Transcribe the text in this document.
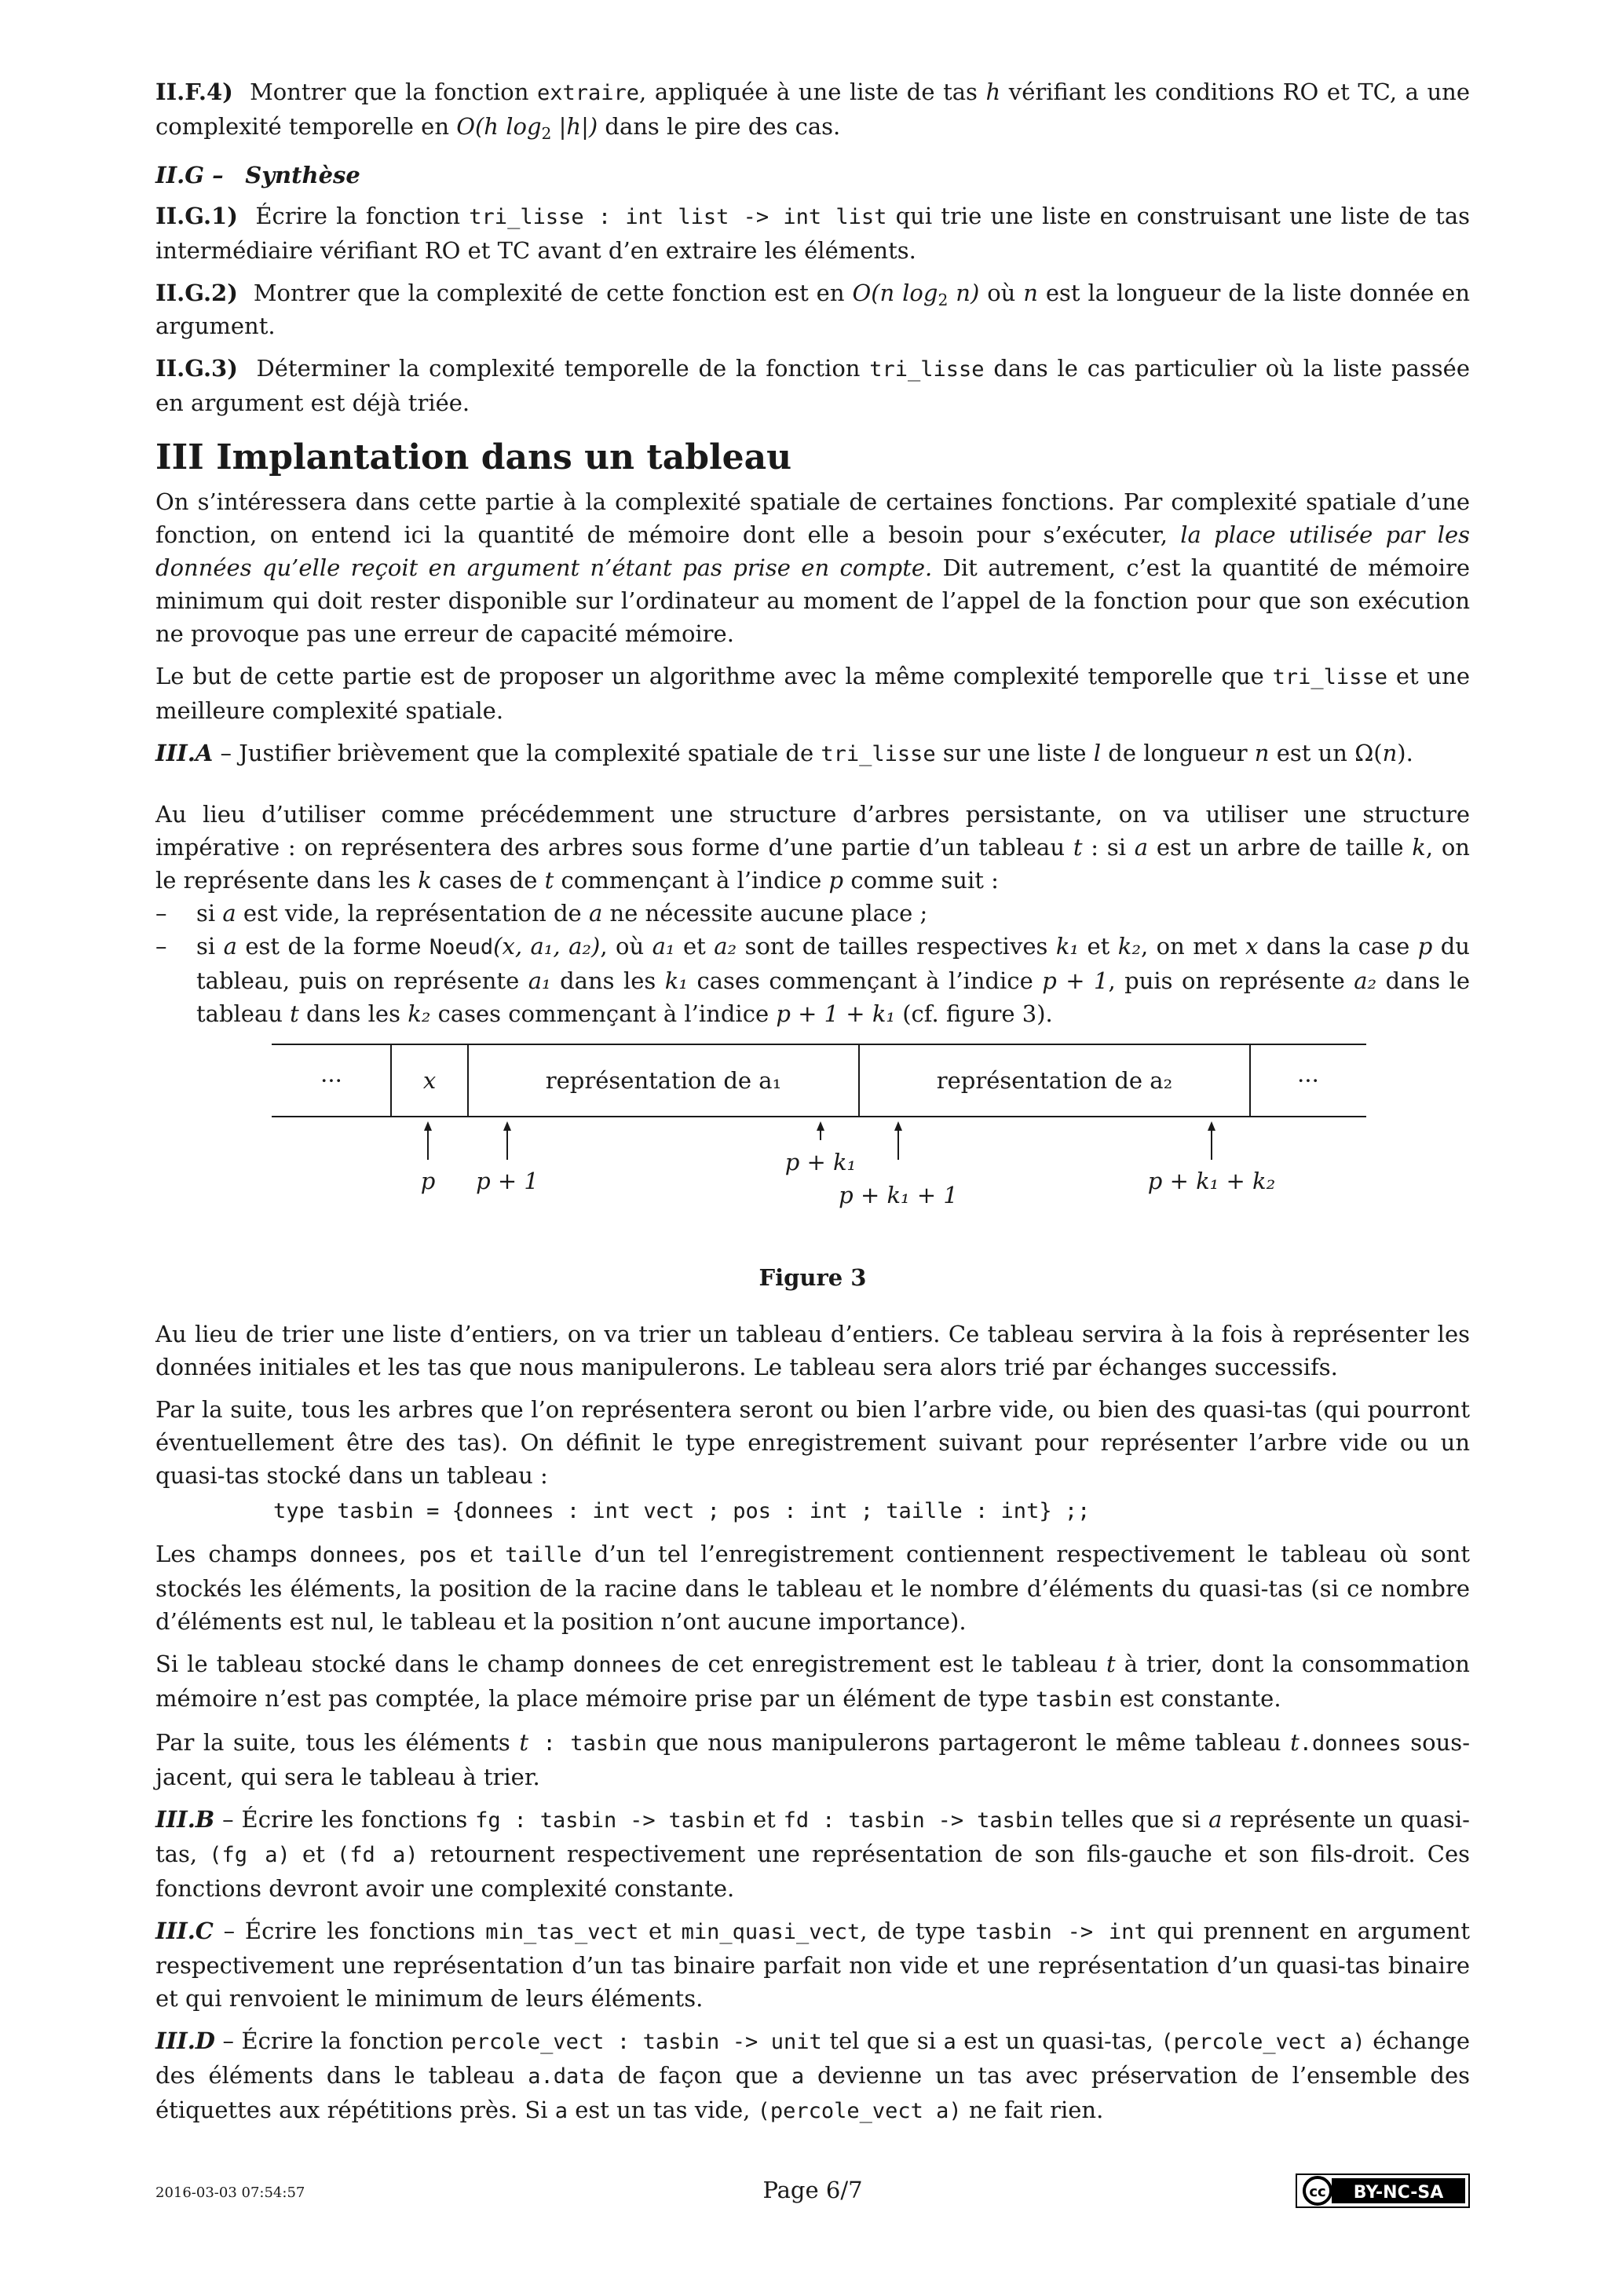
II.F.4) Montrer que la fonction extraire, appliquée à une liste de tas h vérifiant les conditions RO et TC, a une complexité temporelle en O(h $\log_2 |h|$) dans le pire des cas.

II.G – Synthèse

II.G.1) Écrire la fonction tri_lisse : int list -> int list qui trie une liste en construisant une liste de tas intermédiaire vérifiant RO et TC avant d’en extraire les éléments.

II.G.2) Montrer que la complexité de cette fonction est en O(n $\log_2 n$) où n est la longueur de la liste donnée en argument.

II.G.3) Déterminer la complexité temporelle de la fonction tri_lisse dans le cas particulier où la liste passée en argument est déjà triée.

III Implantation dans un tableau

On s’intéressera dans cette partie à la complexité spatiale de certaines fonctions. Par complexité spatiale d’une fonction, on entend ici la quantité de mémoire dont elle a besoin pour s’exécuter, la place utilisée par les données qu’elle reçoit en argument n’étant pas prise en compte. Dit autrement, c’est la quantité de mémoire minimum qui doit rester disponible sur l’ordinateur au moment de l’appel de la fonction pour que son exécution ne provoque pas une erreur de capacité mémoire.

Le but de cette partie est de proposer un algorithme avec la même complexité temporelle que tri_lisse et une meilleure complexité spatiale.

III.A – Justifier brièvement que la complexité spatiale de tri_lisse sur une liste l de longueur n est un Ω(n).

Au lieu d’utiliser comme précédemment une structure d’arbres persistante, on va utiliser une structure impérative : on représentera des arbres sous forme d’une partie d’un tableau t : si a est un arbre de taille k, on le représente dans les k cases de t commençant à l’indice p comme suit :

– si a est vide, la représentation de a ne nécessite aucune place ;
– si a est de la forme Noeud(x, a₁, a₂), où a₁ et a₂ sont de tailles respectives k₁ et k₂, on met x dans la case p du tableau, puis on représente a₁ dans les k₁ cases commençant à l’indice p + 1, puis on représente a₂ dans le tableau t dans les k₂ cases commençant à l’indice p + 1 + k₁ (cf. figure 3).
···	x	représentation de a₁	représentation de a₂	···
p p + 1
p + k₁
p + k₁ + 1
p + k₁ + k₂

Figure 3

Au lieu de trier une liste d’entiers, on va trier un tableau d’entiers. Ce tableau servira à la fois à représenter les données initiales et les tas que nous manipulerons. Le tableau sera alors trié par échanges successifs.

Par la suite, tous les arbres que l’on représentera seront ou bien l’arbre vide, ou bien des quasi-tas (qui pourront éventuellement être des tas). On définit le type enregistrement suivant pour représenter l’arbre vide ou un quasi-tas stocké dans un tableau :

type tasbin = {donnees : int vect ; pos : int ; taille : int} ;;

Les champs donnees, pos et taille d’un tel l’enregistrement contiennent respectivement le tableau où sont stockés les éléments, la position de la racine dans le tableau et le nombre d’éléments du quasi-tas (si ce nombre d’éléments est nul, le tableau et la position n’ont aucune importance).

Si le tableau stocké dans le champ donnees de cet enregistrement est le tableau t à trier, dont la consommation mémoire n’est pas comptée, la place mémoire prise par un élément de type tasbin est constante.

Par la suite, tous les éléments t : tasbin que nous manipulerons partageront le même tableau t.donnees sous-jacent, qui sera le tableau à trier.

III.B – Écrire les fonctions fg : tasbin -> tasbin et fd : tasbin -> tasbin telles que si a représente un quasi-tas, (fg a) et (fd a) retournent respectivement une représentation de son fils-gauche et son fils-droit. Ces fonctions devront avoir une complexité constante.

III.C – Écrire les fonctions min_tas_vect et min_quasi_vect, de type tasbin -> int qui prennent en argument respectivement une représentation d’un tas binaire parfait non vide et une représentation d’un quasi-tas binaire et qui renvoient le minimum de leurs éléments.

III.D – Écrire la fonction percole_vect : tasbin -> unit tel que si a est un quasi-tas, (percole_vect a) échange des éléments dans le tableau a.data de façon que a devienne un tas avec préservation de l’ensemble des étiquettes aux répétitions près. Si a est un tas vide, (percole_vect a) ne fait rien.

2016-03-03 07:54:57	Page 6/7	cc BY-NC-SA
